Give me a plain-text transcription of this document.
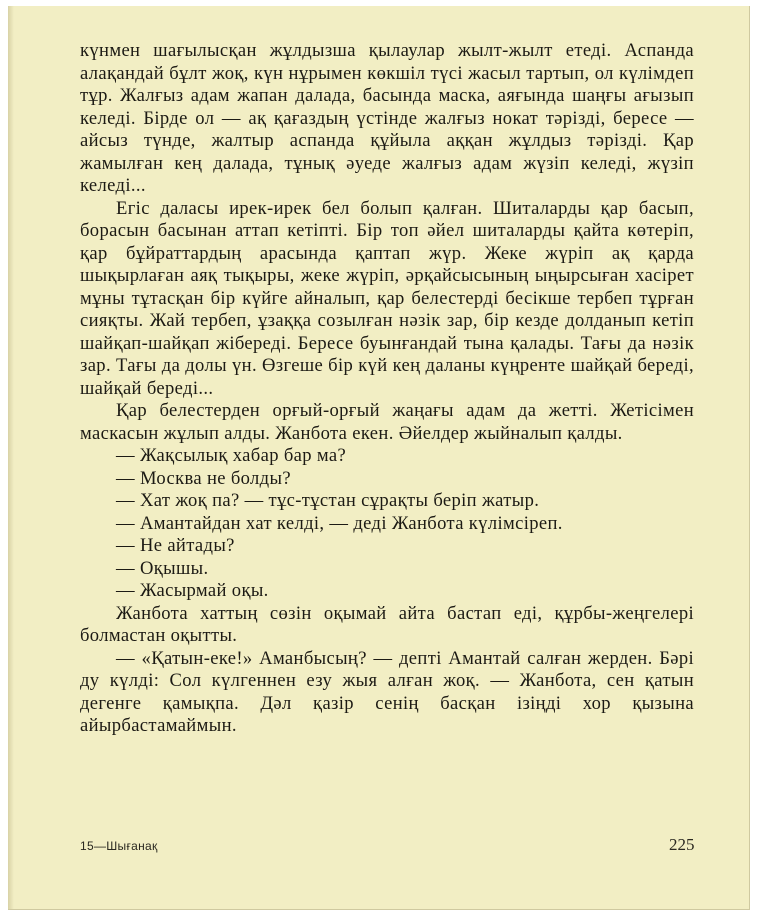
күнмен шағылысқан жұлдызша қылаулар жылт-жылт етеді. Аспанда алақандай бұлт жоқ, күн нұрымен көкшіл түсі жасыл тартып, ол күлімдеп тұр. Жалғыз адам жапан далада, басында маска, аяғында шаңғы ағызып келеді. Бірде ол — ақ қағаздың үстінде жалғыз нокат тәрізді, бересе — айсыз түнде, жалтыр аспанда құйыла аққан жұлдыз тәрізді. Қар жамылған кең далада, тұнық әуеде жалғыз адам жүзіп келеді, жүзіп келеді...

Егіс даласы ирек-ирек бел болып қалған. Шиталарды қар басып, борасын басынан аттап кетіпті. Бір топ әйел шиталарды қайта көтеріп, қар бұйраттардың арасында қаптап жүр. Жеке жүріп ақ қарда шықырлаған аяқ тықыры, жеке жүріп, әрқайсысының ыңырсыған хасірет мұны тұтасқан бір күйге айналып, қар белестерді бесікше тербеп тұрған сияқты. Жай тербеп, ұзаққа созылған нәзік зар, бір кезде долданып кетіп шайқап-шайқап жібереді. Бересе буынғандай тына қалады. Тағы да нәзік зар. Тағы да долы үн. Өзгеше бір күй кең даланы күңренте шайқай береді, шайқай береді...

Қар белестерден орғый-орғый жаңағы адам да жетті. Жетісімен маскасын жұлып алды. Жанбота екен. Әйелдер жыйналып қалды.

— Жақсылық хабар бар ма?

— Москва не болды?

— Хат жоқ па? — тұс-тұстан сұрақты беріп жатыр.

— Амантайдан хат келді, — деді Жанбота күлімсіреп.

— Не айтады?

— Оқышы.

— Жасырмай оқы.

Жанбота хаттың сөзін оқымай айта бастап еді, құрбы-жеңгелері болмастан оқытты.

— «Қатын-еке!» Аманбысың? — депті Амантай салған жерден. Бәрі ду күлді: Сол күлгеннен езу жыя алған жоқ. — Жанбота, сен қатын дегенге қамықпа. Дәл қазір сенің басқан ізіңді хор қызына айырбастамаймын.

15—Шығанақ	225
